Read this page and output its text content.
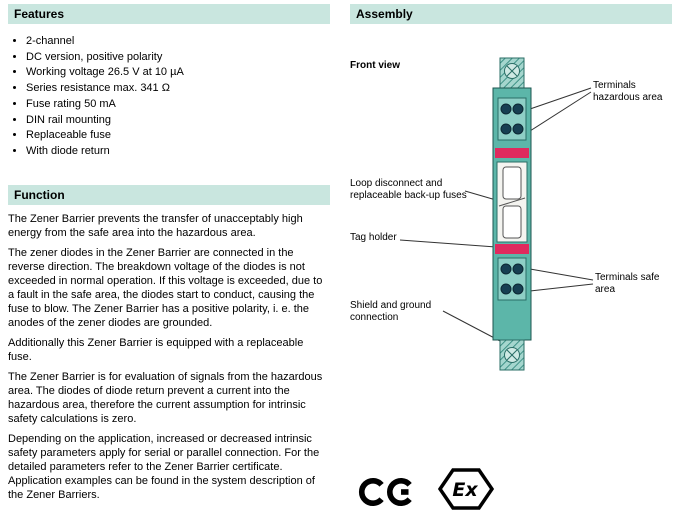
Features
• 2-channel
• DC version, positive polarity
• Working voltage 26.5 V at 10 µA
• Series resistance max. 341 Ω
• Fuse rating 50 mA
• DIN rail mounting
• Replaceable fuse
• With diode return
Function

The Zener Barrier prevents the transfer of unacceptably high energy from the safe area into the hazardous area.

The zener diodes in the Zener Barrier are connected in the reverse direction. The breakdown voltage of the diodes is not exceeded in normal operation. If this voltage is exceeded, due to a fault in the safe area, the diodes start to conduct, causing the fuse to blow. The Zener Barrier has a positive polarity, i. e. the anodes of the zener diodes are grounded.

Additionally this Zener Barrier is equipped with a replaceable fuse.

The Zener Barrier is for evaluation of signals from the hazardous area. The diodes of diode return prevent a current into the hazardous area, therefore the current assumption for intrinsic safety calculations is zero.

Depending on the application, increased or decreased intrinsic safety parameters apply for serial or parallel connection. For the detailed parameters refer to the Zener Barrier certificate. Application examples can be found in the system description of the Zener Barriers.

Assembly
Front view
Terminals hazardous area
Loop disconnect and replaceable back-up fuses
Tag holder
Terminals safe area
Shield and ground connection
Ex
